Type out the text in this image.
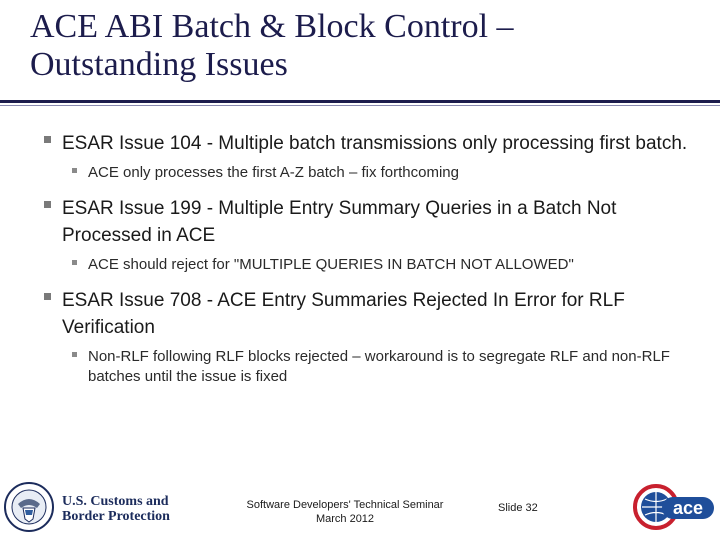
ACE ABI Batch & Block Control –
Outstanding Issues
ESAR Issue 104 - Multiple batch transmissions only processing first batch.
ACE only processes the first A-Z batch – fix forthcoming
ESAR Issue 199 - Multiple Entry Summary Queries in a Batch Not Processed in ACE
ACE should reject for "MULTIPLE QUERIES IN BATCH NOT ALLOWED"
ESAR Issue 708 - ACE Entry Summaries Rejected In Error for RLF Verification
Non-RLF following RLF blocks rejected – workaround is to segregate RLF and non-RLF batches until the issue is fixed
U.S. Customs and
Border Protection
Software Developers' Technical Seminar
March 2012
Slide 32	ace
